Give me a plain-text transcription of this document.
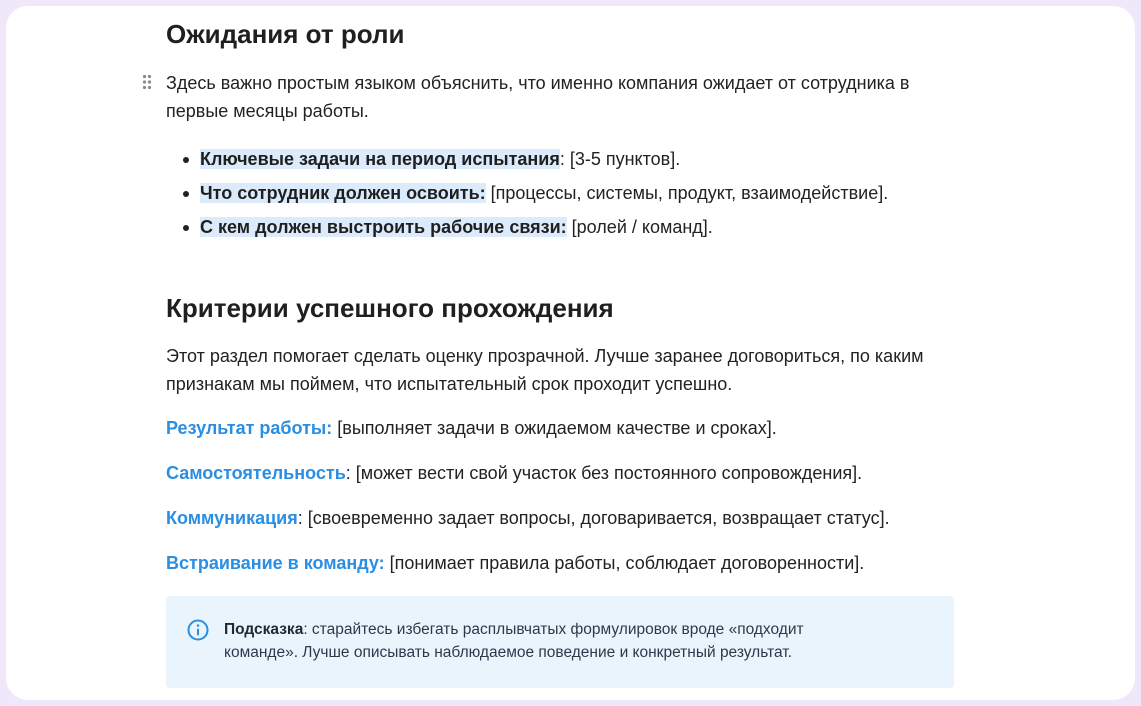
Ожидания от роли

Здесь важно простым языком объяснить, что именно компания ожидает от сотрудника в первые месяцы работы.

Ключевые задачи на период испытания: [3-5 пунктов].
Что сотрудник должен освоить: [процессы, системы, продукт, взаимодействие].
С кем должен выстроить рабочие связи: [ролей / команд].
Критерии успешного прохождения

Этот раздел помогает сделать оценку прозрачной. Лучше заранее договориться, по каким признакам мы поймем, что испытательный срок проходит успешно.

Результат работы: [выполняет задачи в ожидаемом качестве и сроках].
Самостоятельность: [может вести свой участок без постоянного сопровождения].
Коммуникация: [своевременно задает вопросы, договаривается, возвращает статус].
Встраивание в команду: [понимает правила работы, соблюдает договоренности].
Подсказка: старайтесь избегать расплывчатых формулировок вроде «подходит команде». Лучше описывать наблюдаемое поведение и конкретный результат.
